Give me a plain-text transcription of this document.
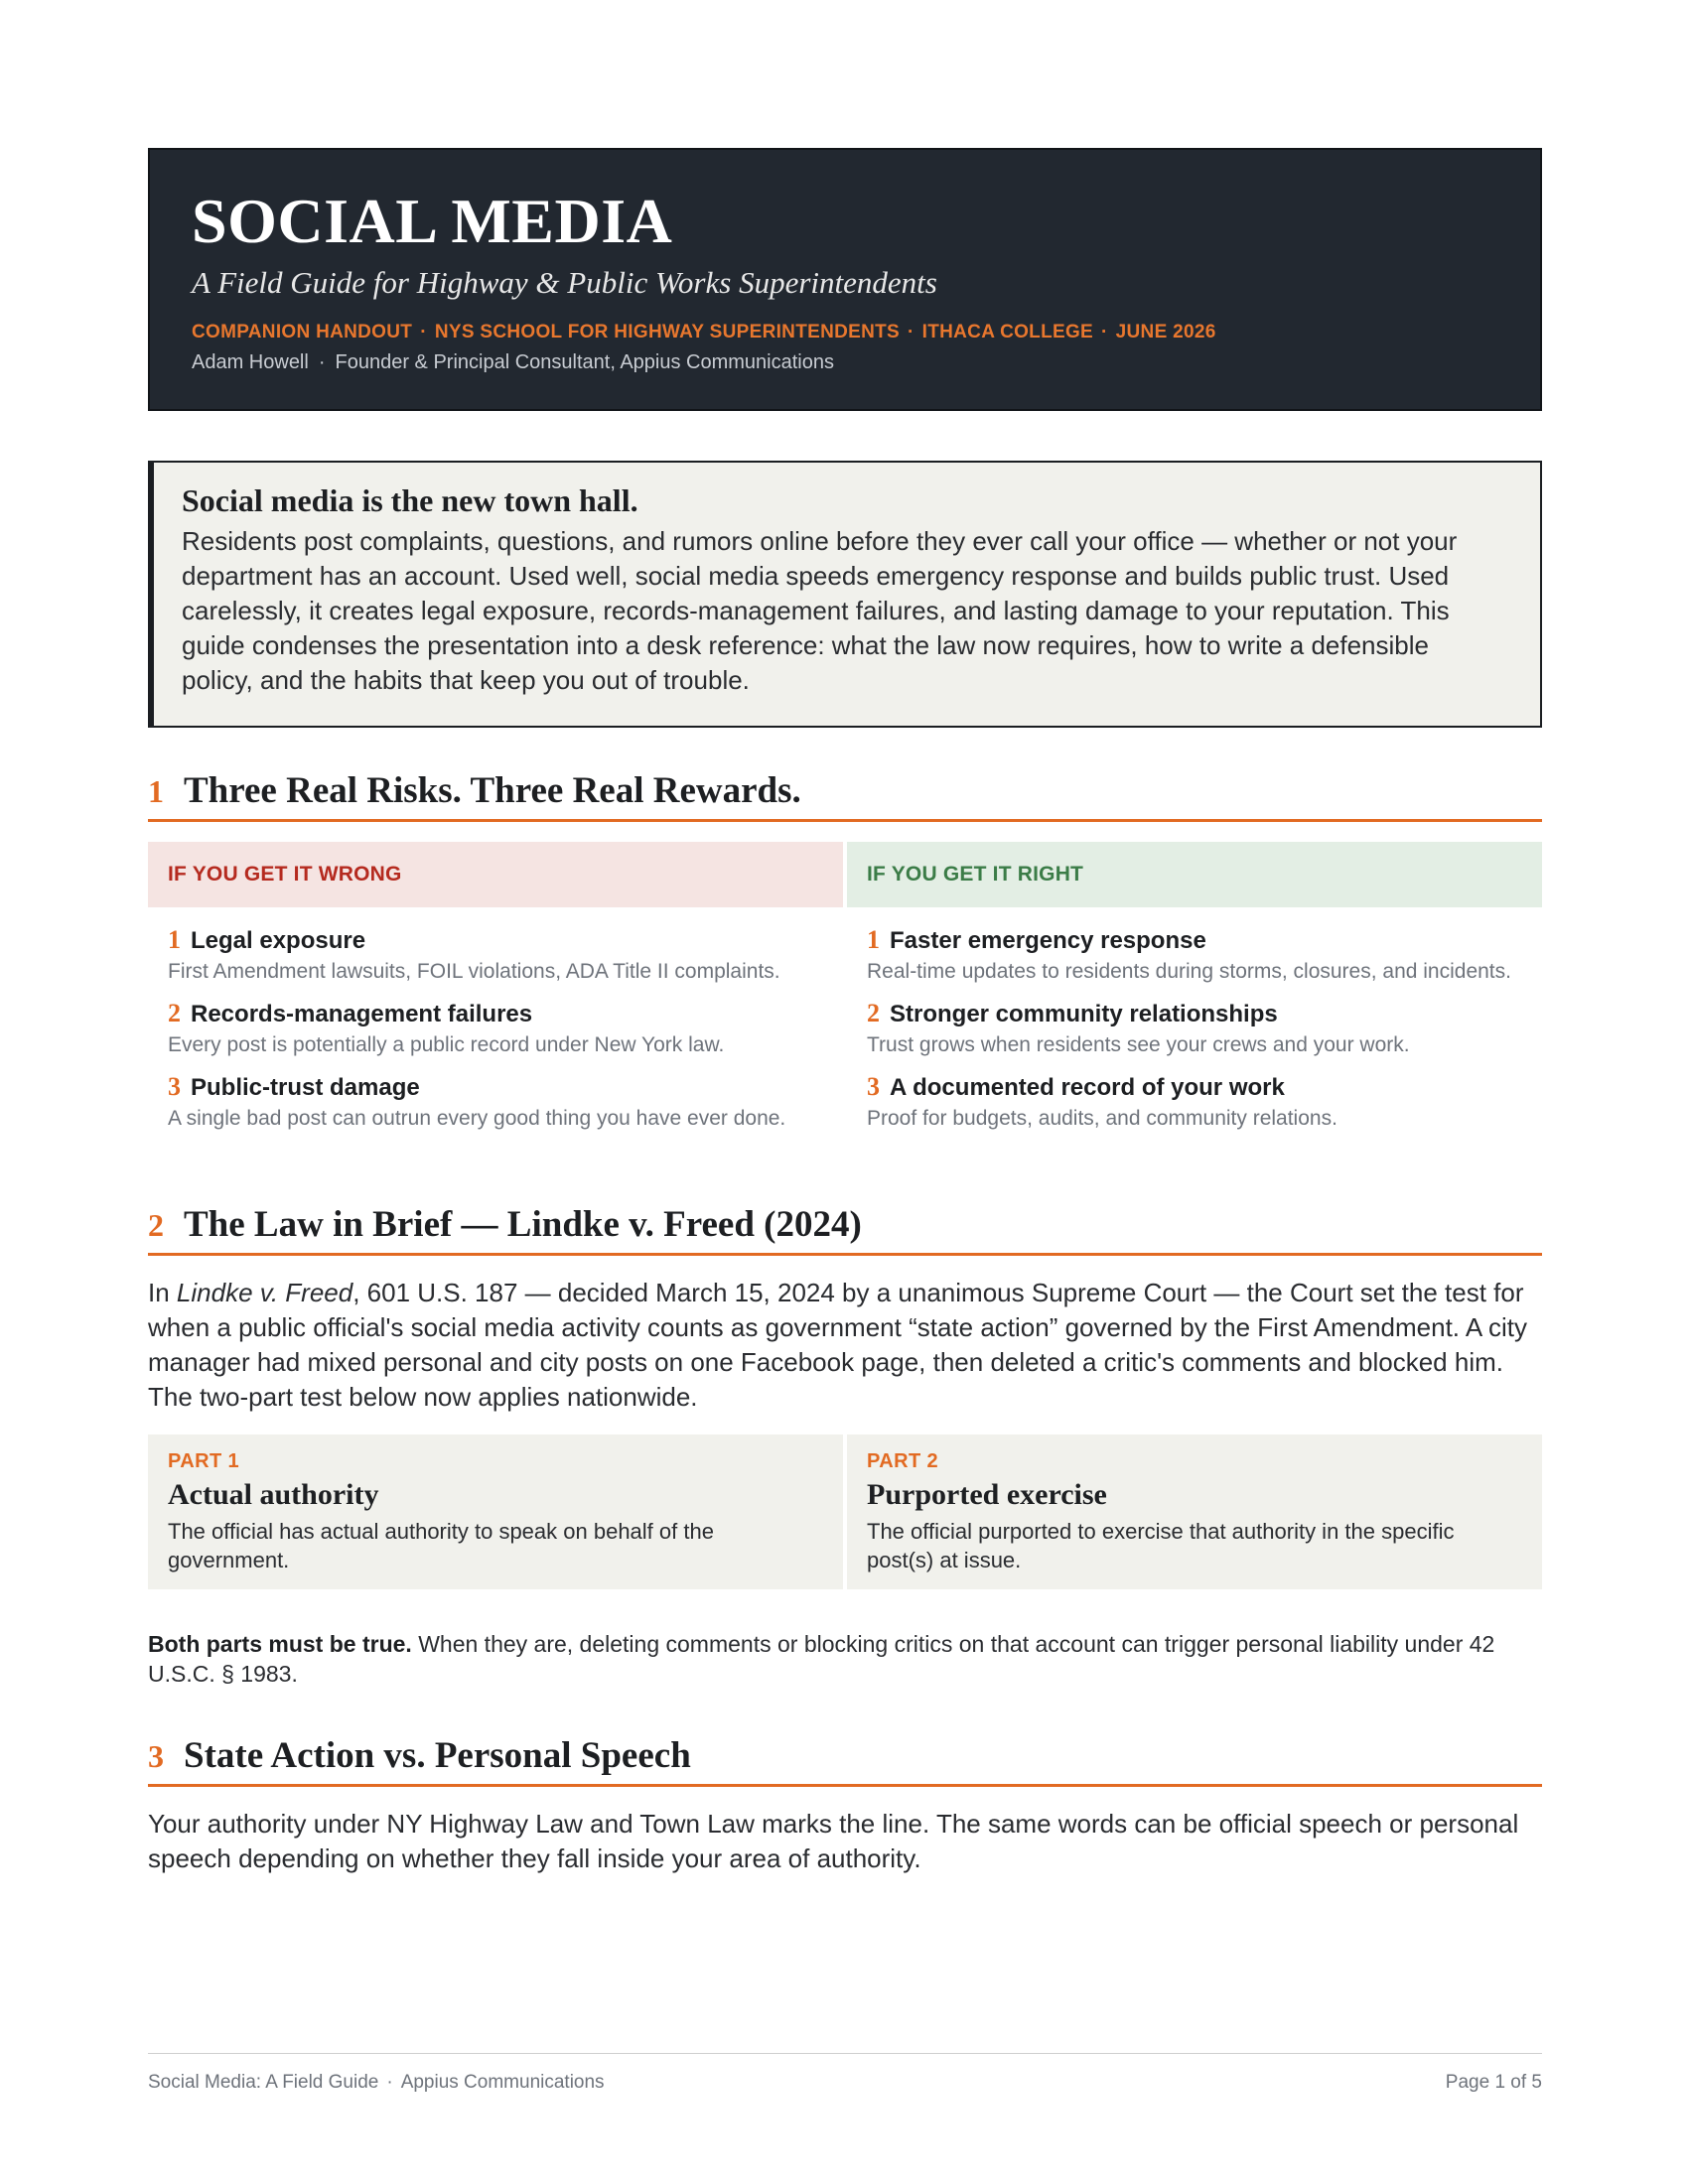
SOCIAL MEDIA
A Field Guide for Highway & Public Works Superintendents
COMPANION HANDOUT · NYS SCHOOL FOR HIGHWAY SUPERINTENDENTS · ITHACA COLLEGE · JUNE 2026
Adam Howell · Founder & Principal Consultant, Appius Communications
Social media is the new town hall.
Residents post complaints, questions, and rumors online before they ever call your office — whether or not your department has an account. Used well, social media speeds emergency response and builds public trust. Used carelessly, it creates legal exposure, records-management failures, and lasting damage to your reputation. This guide condenses the presentation into a desk reference: what the law now requires, how to write a defensible policy, and the habits that keep you out of trouble.
1 Three Real Risks. Three Real Rewards.
IF YOU GET IT WRONG
1 Legal exposure
First Amendment lawsuits, FOIL violations, ADA Title II complaints.
2 Records-management failures
Every post is potentially a public record under New York law.
3 Public-trust damage
A single bad post can outrun every good thing you have ever done.
IF YOU GET IT RIGHT
1 Faster emergency response
Real-time updates to residents during storms, closures, and incidents.
2 Stronger community relationships
Trust grows when residents see your crews and your work.
3 A documented record of your work
Proof for budgets, audits, and community relations.
2 The Law in Brief — Lindke v. Freed (2024)
In Lindke v. Freed, 601 U.S. 187 — decided March 15, 2024 by a unanimous Supreme Court — the Court set the test for when a public official's social media activity counts as government “state action” governed by the First Amendment. A city manager had mixed personal and city posts on one Facebook page, then deleted a critic's comments and blocked him. The two-part test below now applies nationwide.
PART 1
Actual authority
The official has actual authority to speak on behalf of the government.
PART 2
Purported exercise
The official purported to exercise that authority in the specific post(s) at issue.
Both parts must be true. When they are, deleting comments or blocking critics on that account can trigger personal liability under 42 U.S.C. § 1983.
3 State Action vs. Personal Speech
Your authority under NY Highway Law and Town Law marks the line. The same words can be official speech or personal speech depending on whether they fall inside your area of authority.
Social Media: A Field Guide · Appius Communications	Page 1 of 5
